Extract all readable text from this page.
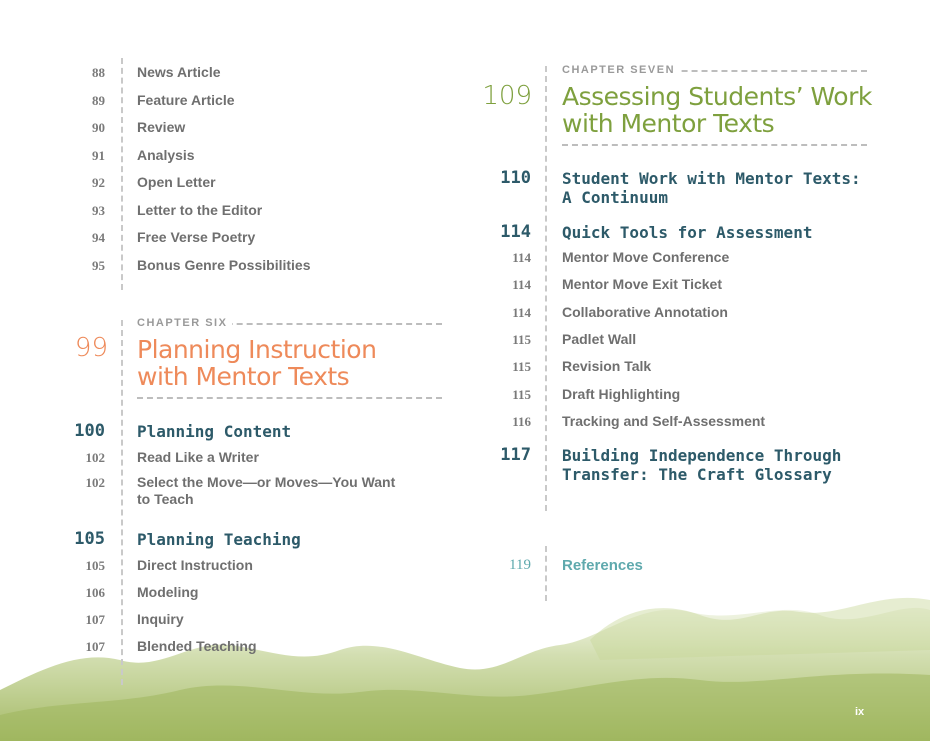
88 News Article
89 Feature Article
90 Review
91 Analysis
92 Open Letter
93 Letter to the Editor
94 Free Verse Poetry
95 Bonus Genre Possibilities
CHAPTER SIX
99 Planning Instruction
with Mentor Texts
100 Planning Content
102 Read Like a Writer
102 Select the Move—or Moves—You Want
to Teach
105 Planning Teaching
105 Direct Instruction
106 Modeling
107 Inquiry
107 Blended Teaching
CHAPTER SEVEN
109 Assessing Students’ Work
with Mentor Texts
110 Student Work with Mentor Texts:
A Continuum
114 Quick Tools for Assessment
114 Mentor Move Conference
114 Mentor Move Exit Ticket
114 Collaborative Annotation
115 Padlet Wall
115 Revision Talk
115 Draft Highlighting
116 Tracking and Self-Assessment
117 Building Independence Through
Transfer: The Craft Glossary
119 References
ix
